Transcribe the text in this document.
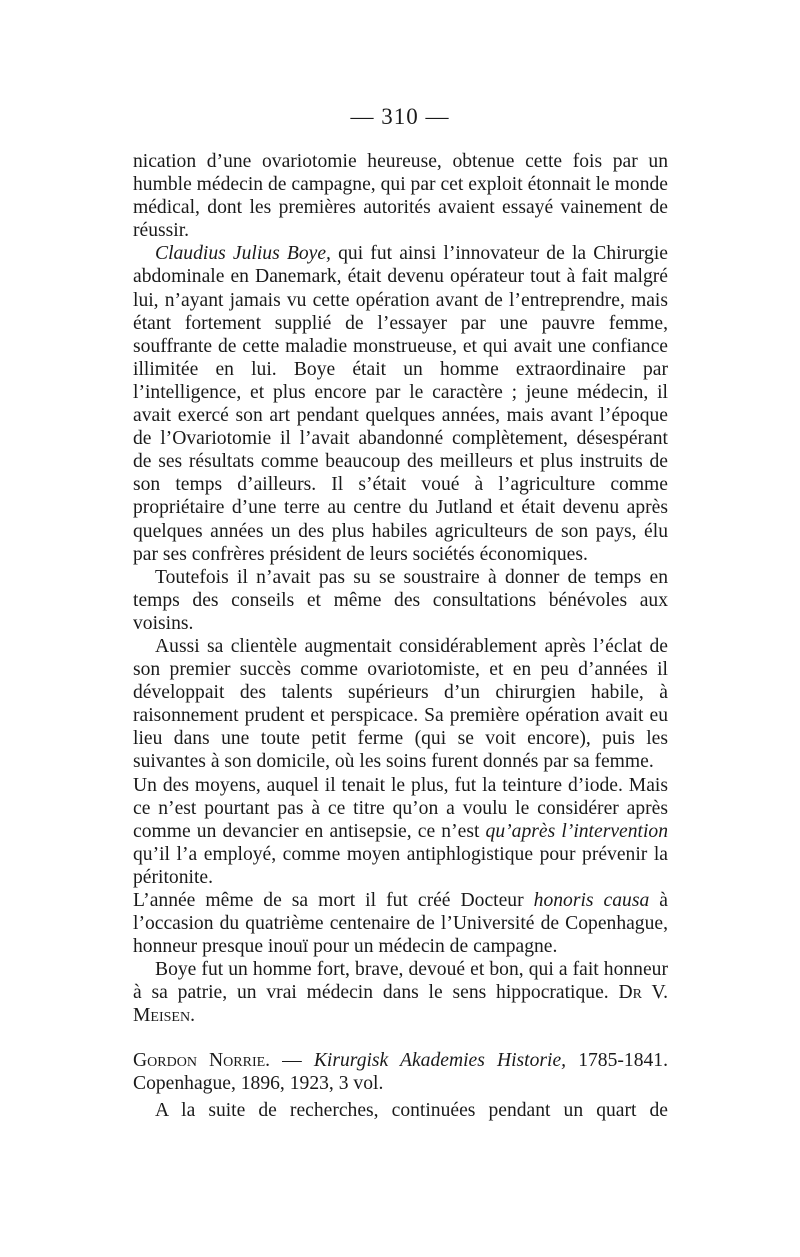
— 310 —

nication d’une ovariotomie heureuse, obtenue cette fois par un humble médecin de campagne, qui par cet exploit étonnait le monde médical, dont les premières autorités avaient essayé vainement de réussir.

Claudius Julius Boye, qui fut ainsi l’innovateur de la Chirurgie abdominale en Danemark, était devenu opérateur tout à fait malgré lui, n’ayant jamais vu cette opération avant de l’entreprendre, mais étant fortement supplié de l’essayer par une pauvre femme, souffrante de cette maladie monstrueuse, et qui avait une confiance illimitée en lui. Boye était un homme extraordinaire par l’intelligence, et plus encore par le caractère ; jeune médecin, il avait exercé son art pendant quelques années, mais avant l’époque de l’Ovariotomie il l’avait abandonné complètement, désespérant de ses résultats comme beaucoup des meilleurs et plus instruits de son temps d’ailleurs. Il s’était voué à l’agriculture comme propriétaire d’une terre au centre du Jutland et était devenu après quelques années un des plus habiles agriculteurs de son pays, élu par ses confrères président de leurs sociétés économiques.

Toutefois il n’avait pas su se soustraire à donner de temps en temps des conseils et même des consultations bénévoles aux voisins.

Aussi sa clientèle augmentait considérablement après l’éclat de son premier succès comme ovariotomiste, et en peu d’années il développait des talents supérieurs d’un chirurgien habile, à raisonnement prudent et perspicace. Sa première opération avait eu lieu dans une toute petit ferme (qui se voit encore), puis les suivantes à son domicile, où les soins furent donnés par sa femme.

Un des moyens, auquel il tenait le plus, fut la teinture d’iode. Mais ce n’est pourtant pas à ce titre qu’on a voulu le considérer après comme un devancier en antisepsie, ce n’est qu’après l’intervention qu’il l’a employé, comme moyen antiphlogistique pour prévenir la péritonite.

L’année même de sa mort il fut créé Docteur honoris causa à l’occasion du quatrième centenaire de l’Université de Copenhague, honneur presque inouï pour un médecin de campagne.

Boye fut un homme fort, brave, devoué et bon, qui a fait honneur à sa patrie, un vrai médecin dans le sens hippocratique. Dr V. Meisen.

Gordon Norrie. — Kirurgisk Akademies Historie, 1785-1841. Copenhague, 1896, 1923, 3 vol.

A la suite de recherches, continuées pendant un quart de
